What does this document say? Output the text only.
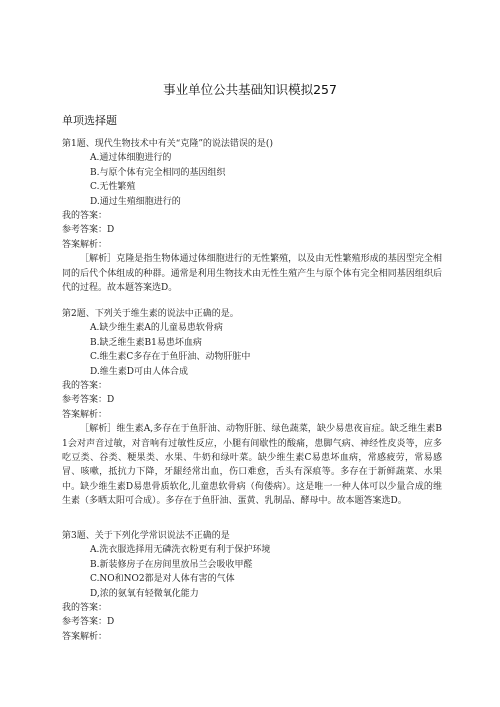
事业单位公共基础知识模拟257
单项选择题

第1题、现代生物技术中有关“克隆”的说法错误的是()

A.通过体细胞进行的
B.与原个体有完全相同的基因组织
C.无性繁殖
D.通过生殖细胞进行的
我的答案：
参考答案：D
答案解析：

［解析］克隆是指生物体通过体细胞进行的无性繁殖，以及由无性繁殖形成的基因型完全相同的后代个体组成的种群。通常是利用生物技术由无性生殖产生与原个体有完全相同基因组织后代的过程。故本题答案选D。

第2题、下列关于维生素的说法中正确的是。

A.缺少维生素A的儿童易患软骨病
B.缺乏维生素B1易患坏血病
C.维生素C多存在于鱼肝油、动物肝脏中
D.维生素D可由人体合成
我的答案：
参考答案：D
答案解析：

［解析］维生素A,多存在于鱼肝油、动物肝脏、绿色蔬菜，缺少易患夜盲症。缺乏维生素B1会对声音过敏，对音响有过敏性反应，小腿有间歇性的酸痛，患脚气病、神经性皮炎等，应多吃豆类、谷类、粳果类、水果、牛奶和绿叶菜。缺少维生素C易患坏血病，常感疲劳，常易感冒、咳嗽，抵抗力下降，牙龈经常出血，伤口难愈，舌头有深痕等。多存在于新鲜蔬菜、水果中。缺少维生素D易患骨质软化,儿童患软骨病（佝偻病）。这是唯一一种人体可以少量合成的维生素（多晒太阳可合成）。多存在于鱼肝油、蛋黄、乳制品、酵母中。故本题答案选D。

第3题、关于下列化学常识说法不正确的是

A.洗衣服选择用无磷洗衣粉更有利于保护环境
B.新装修房子在房间里放吊兰会吸收甲醛
C.NO和NO2都是对人体有害的气体
D,浓的氨氧有轻微氧化能力
我的答案：
参考答案：D
答案解析：
